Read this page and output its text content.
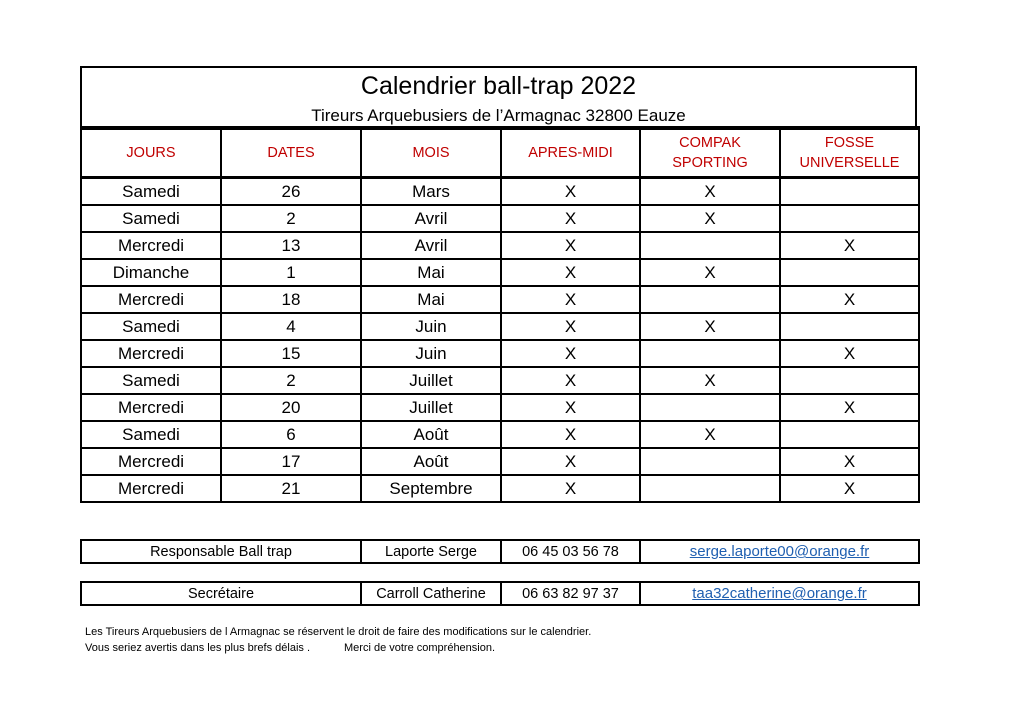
Calendrier ball-trap 2022
Tireurs Arquebusiers de l’Armagnac 32800 Eauze
JOURS	DATES	MOIS	APRES-MIDI	COMPAK SPORTING	FOSSE UNIVERSELLE
Samedi	26	Mars	X	X	
Samedi	2	Avril	X	X	
Mercredi	13	Avril	X		X
Dimanche	1	Mai	X	X	
Mercredi	18	Mai	X		X
Samedi	4	Juin	X	X	
Mercredi	15	Juin	X		X
Samedi	2	Juillet	X	X	
Mercredi	20	Juillet	X		X
Samedi	6	Août	X	X	
Mercredi	17	Août	X		X
Mercredi	21	Septembre	X		X
Responsable Ball trap	Laporte Serge	06 45 03 56 78	serge.laporte00@orange.fr
Secrétaire	Carroll Catherine	06 63 82 97 37	taa32catherine@orange.fr
Les Tireurs Arquebusiers de l Armagnac se réservent le droit de faire des modifications sur le calendrier.
Vous seriez avertis dans les plus brefs délais .	Merci de votre compréhension.
